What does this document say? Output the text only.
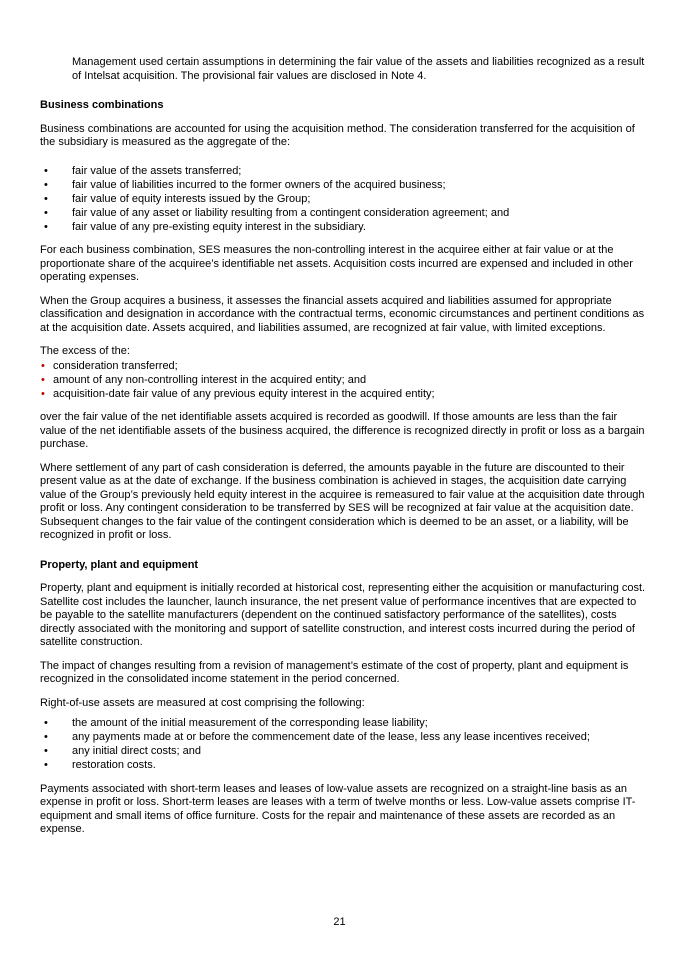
Management used certain assumptions in determining the fair value of the assets and liabilities recognized as a result of Intelsat acquisition. The provisional fair values are disclosed in Note 4.

Business combinations

Business combinations are accounted for using the acquisition method. The consideration transferred for the acquisition of the subsidiary is measured as the aggregate of the:

• fair value of the assets transferred;
• fair value of liabilities incurred to the former owners of the acquired business;
• fair value of equity interests issued by the Group;
• fair value of any asset or liability resulting from a contingent consideration agreement; and
• fair value of any pre-existing equity interest in the subsidiary.

For each business combination, SES measures the non-controlling interest in the acquiree either at fair value or at the proportionate share of the acquiree’s identifiable net assets. Acquisition costs incurred are expensed and included in other operating expenses.

When the Group acquires a business, it assesses the financial assets acquired and liabilities assumed for appropriate classification and designation in accordance with the contractual terms, economic circumstances and pertinent conditions as at the acquisition date. Assets acquired, and liabilities assumed, are recognized at fair value, with limited exceptions.

The excess of the:

• consideration transferred;
• amount of any non-controlling interest in the acquired entity; and
• acquisition-date fair value of any previous equity interest in the acquired entity;

over the fair value of the net identifiable assets acquired is recorded as goodwill. If those amounts are less than the fair value of the net identifiable assets of the business acquired, the difference is recognized directly in profit or loss as a bargain purchase.

Where settlement of any part of cash consideration is deferred, the amounts payable in the future are discounted to their present value as at the date of exchange. If the business combination is achieved in stages, the acquisition date carrying value of the Group’s previously held equity interest in the acquiree is remeasured to fair value at the acquisition date through profit or loss. Any contingent consideration to be transferred by SES will be recognized at fair value at the acquisition date. Subsequent changes to the fair value of the contingent consideration which is deemed to be an asset, or a liability, will be recognized in profit or loss.

Property, plant and equipment

Property, plant and equipment is initially recorded at historical cost, representing either the acquisition or manufacturing cost. Satellite cost includes the launcher, launch insurance, the net present value of performance incentives that are expected to be payable to the satellite manufacturers (dependent on the continued satisfactory performance of the satellites), costs directly associated with the monitoring and support of satellite construction, and interest costs incurred during the period of satellite construction.

The impact of changes resulting from a revision of management’s estimate of the cost of property, plant and equipment is recognized in the consolidated income statement in the period concerned.

Right-of-use assets are measured at cost comprising the following:

• the amount of the initial measurement of the corresponding lease liability;
• any payments made at or before the commencement date of the lease, less any lease incentives received;
• any initial direct costs; and
• restoration costs.

Payments associated with short-term leases and leases of low-value assets are recognized on a straight-line basis as an expense in profit or loss. Short-term leases are leases with a term of twelve months or less. Low-value assets comprise IT-equipment and small items of office furniture. Costs for the repair and maintenance of these assets are recorded as an expense.

21
